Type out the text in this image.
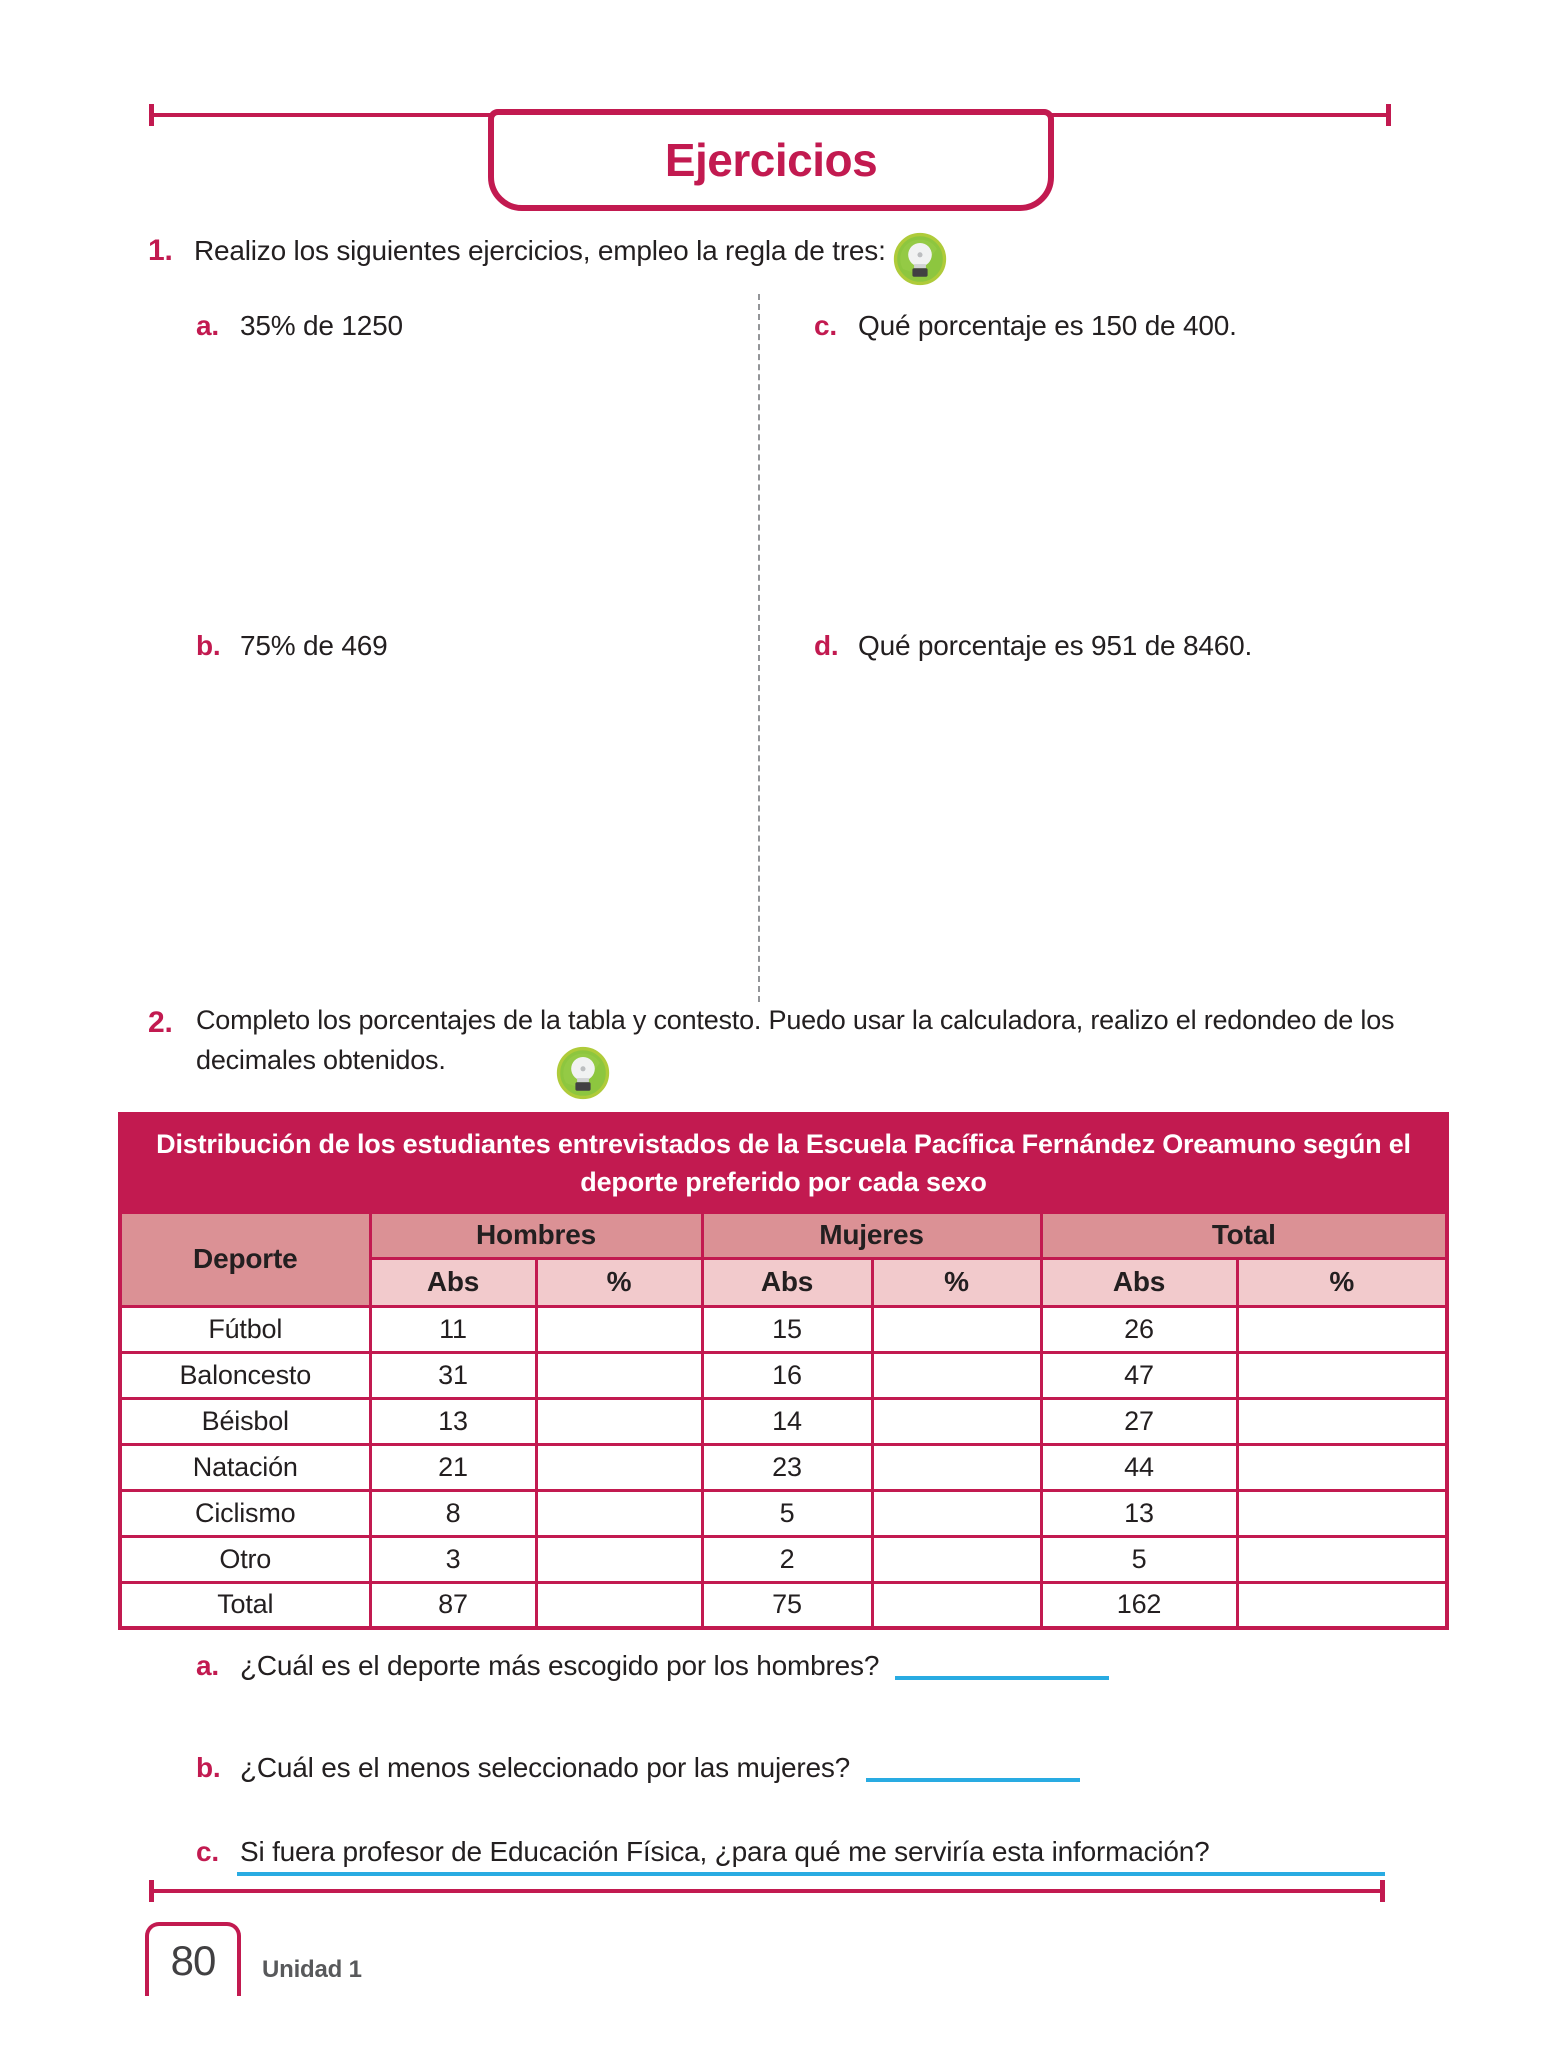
Ejercicios
1. Realizo los siguientes ejercicios, empleo la regla de tres:
a. 35% de 1250	c. Qué porcentaje es 150 de 400.
b. 75% de 469	d. Qué porcentaje es 951 de 8460.
2. Completo los porcentajes de la tabla y contesto. Puedo usar la calculadora, realizo el redondeo de los decimales obtenidos.

Distribución de los estudiantes entrevistados de la Escuela Pacífica Fernández Oreamuno según el deporte preferido por cada sexo						
Deporte	Hombres		Mujeres		Total	
	Abs	%	Abs	%	Abs	%
Fútbol	11		15		26	
Baloncesto	31		16		47	
Béisbol	13		14		27	
Natación	21		23		44	
Ciclismo	8		5		13	
Otro	3		2		5	
Total	87		75		162	
a. ¿Cuál es el deporte más escogido por los hombres?
b. ¿Cuál es el menos seleccionado por las mujeres?
c. Si fuera profesor de Educación Física, ¿para qué me serviría esta información?
80 Unidad 1
